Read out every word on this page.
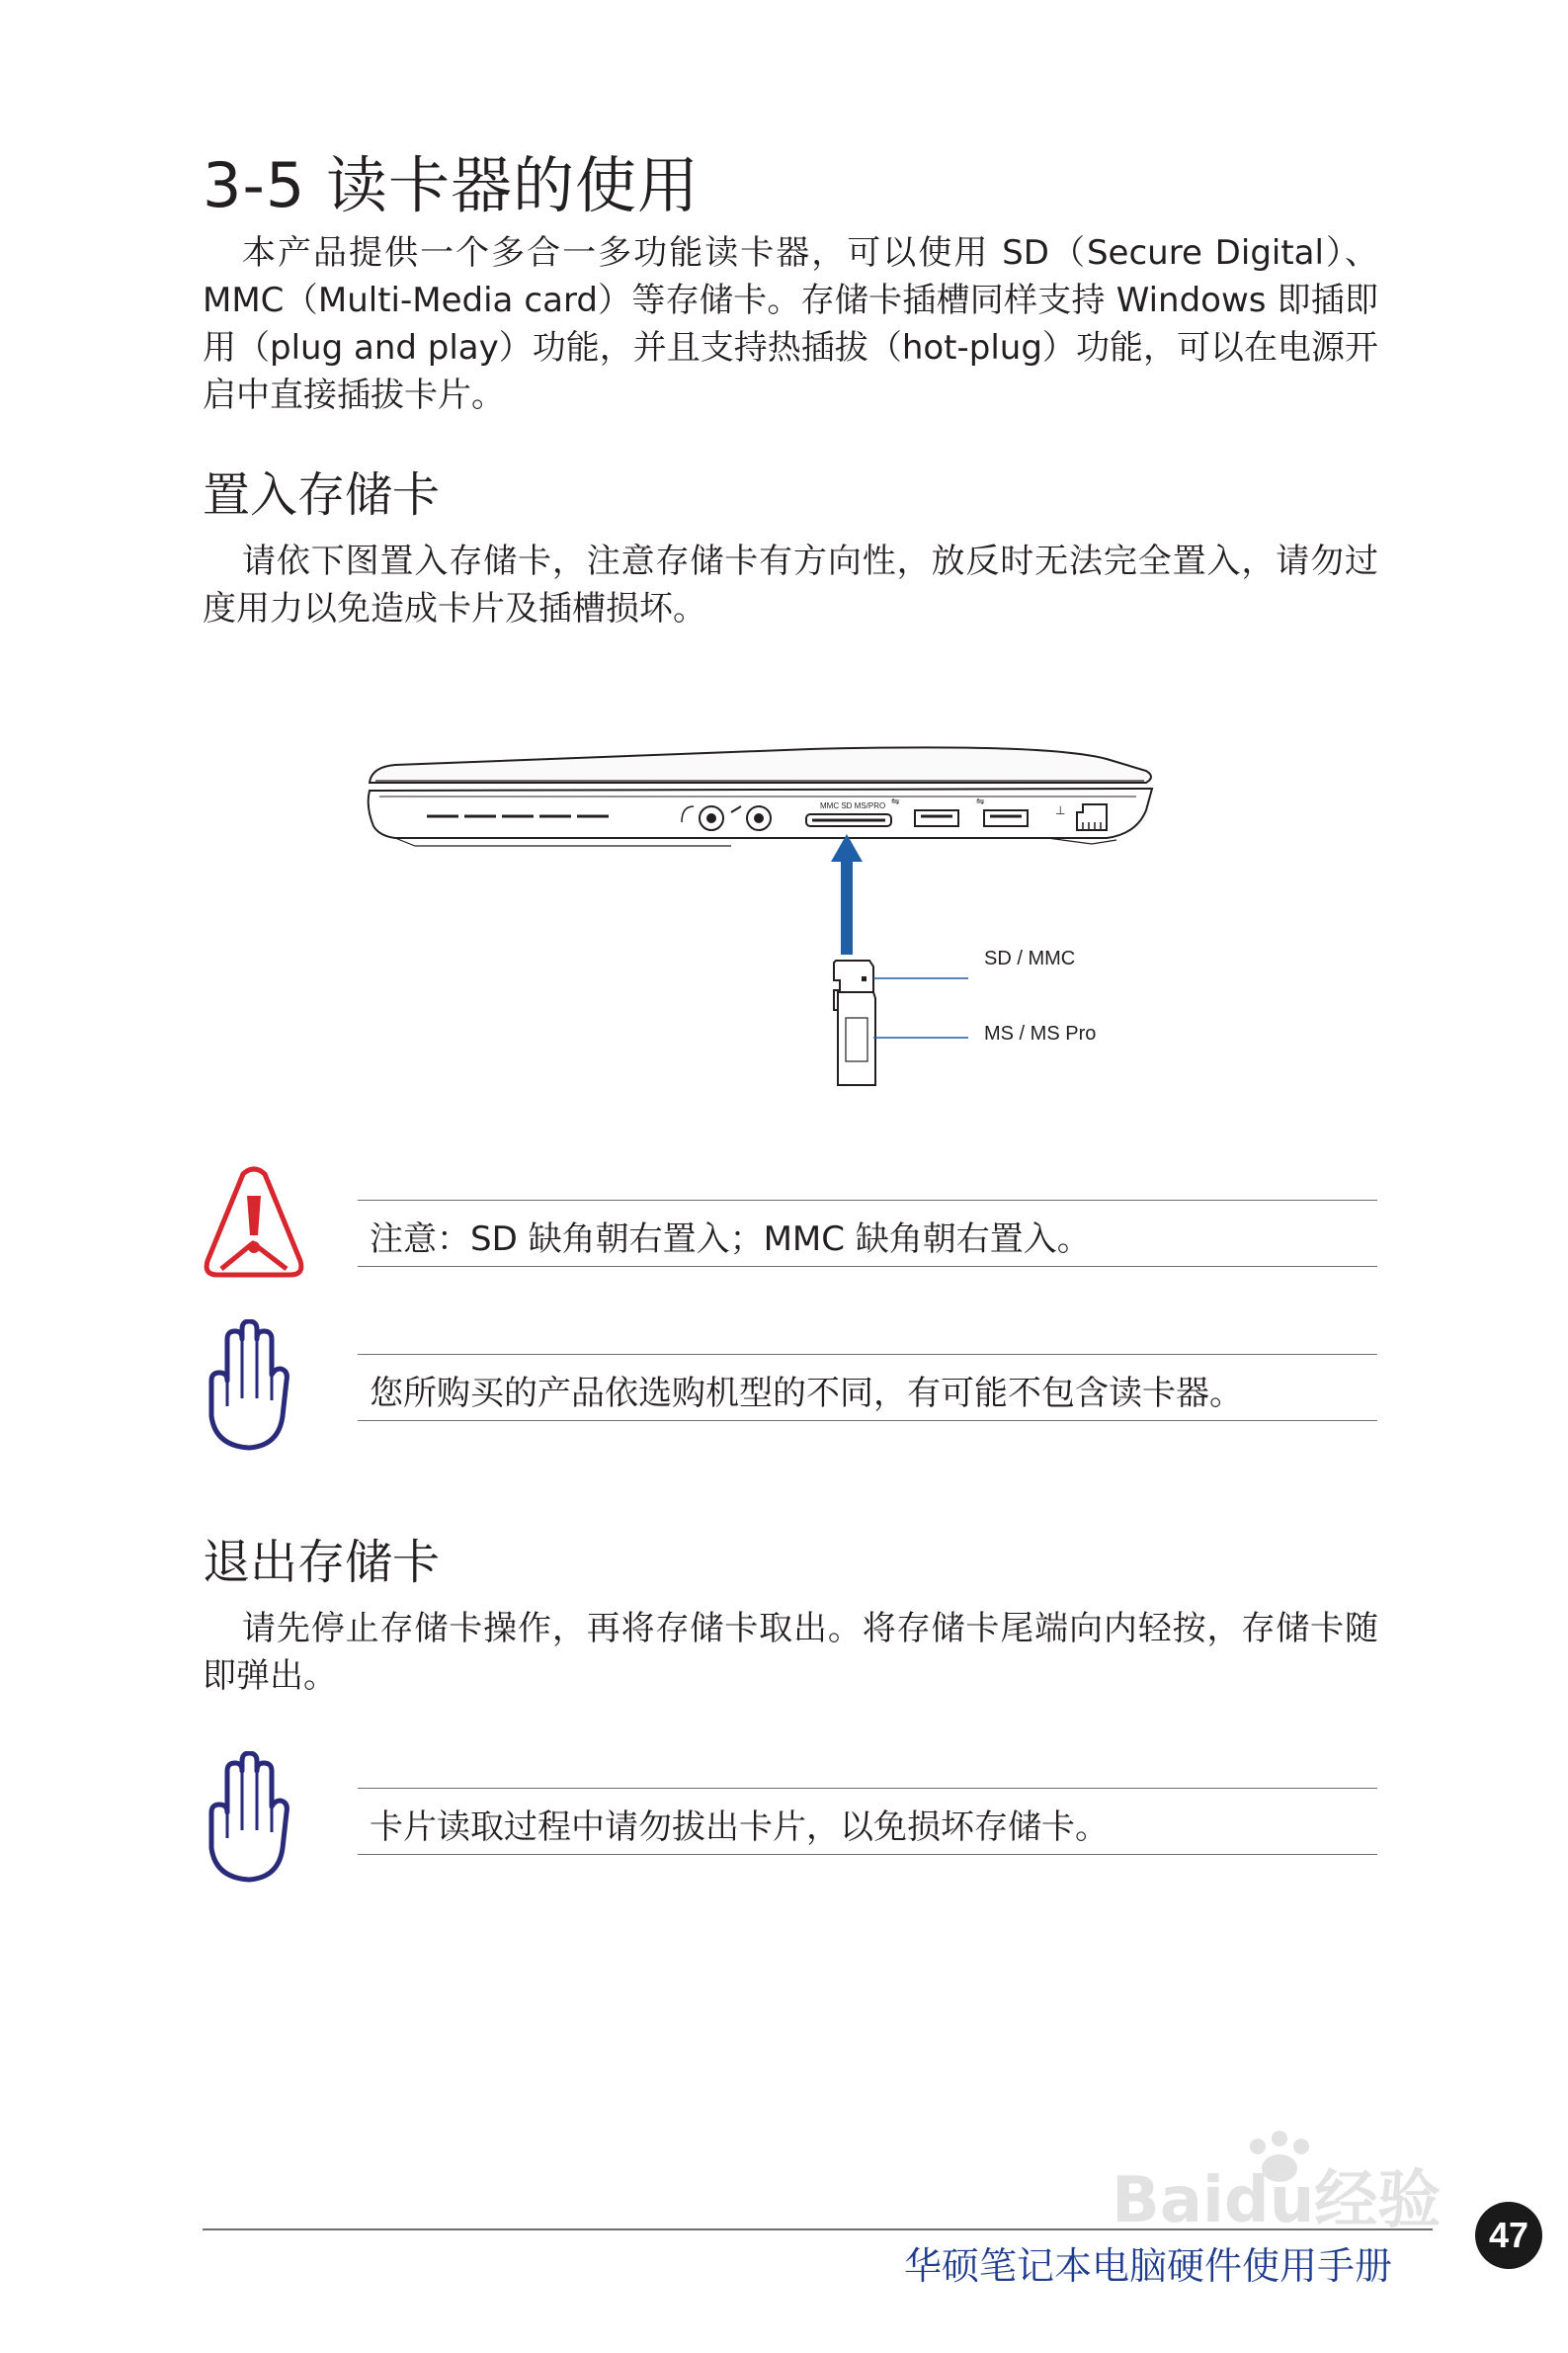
3-5 读卡器的使用

本产品提供一个多合一多功能读卡器，可以使用 SD（Secure Digital）、MMC（Multi-Media card）等存储卡。存储卡插槽同样支持 Windows 即插即用（plug and play）功能，并且支持热插拔（hot-plug）功能，可以在电源开启中直接插拔卡片。

置入存储卡

请依下图置入存储卡，注意存储卡有方向性，放反时无法完全置入，请勿过度用力以免造成卡片及插槽损坏。

MMC SD MS/PRO ⇋	⇋
⊥
SD / MMC
MS / MS Pro
注意：SD 缺角朝右置入；MMC 缺角朝右置入。
您所购买的产品依选购机型的不同，有可能不包含读卡器。
退出存储卡

请先停止存储卡操作，再将存储卡取出。将存储卡尾端向内轻按，存储卡随即弹出。

卡片读取过程中请勿拔出卡片，以免损坏存储卡。
Baidu经验
华硕笔记本电脑硬件使用手册
47
